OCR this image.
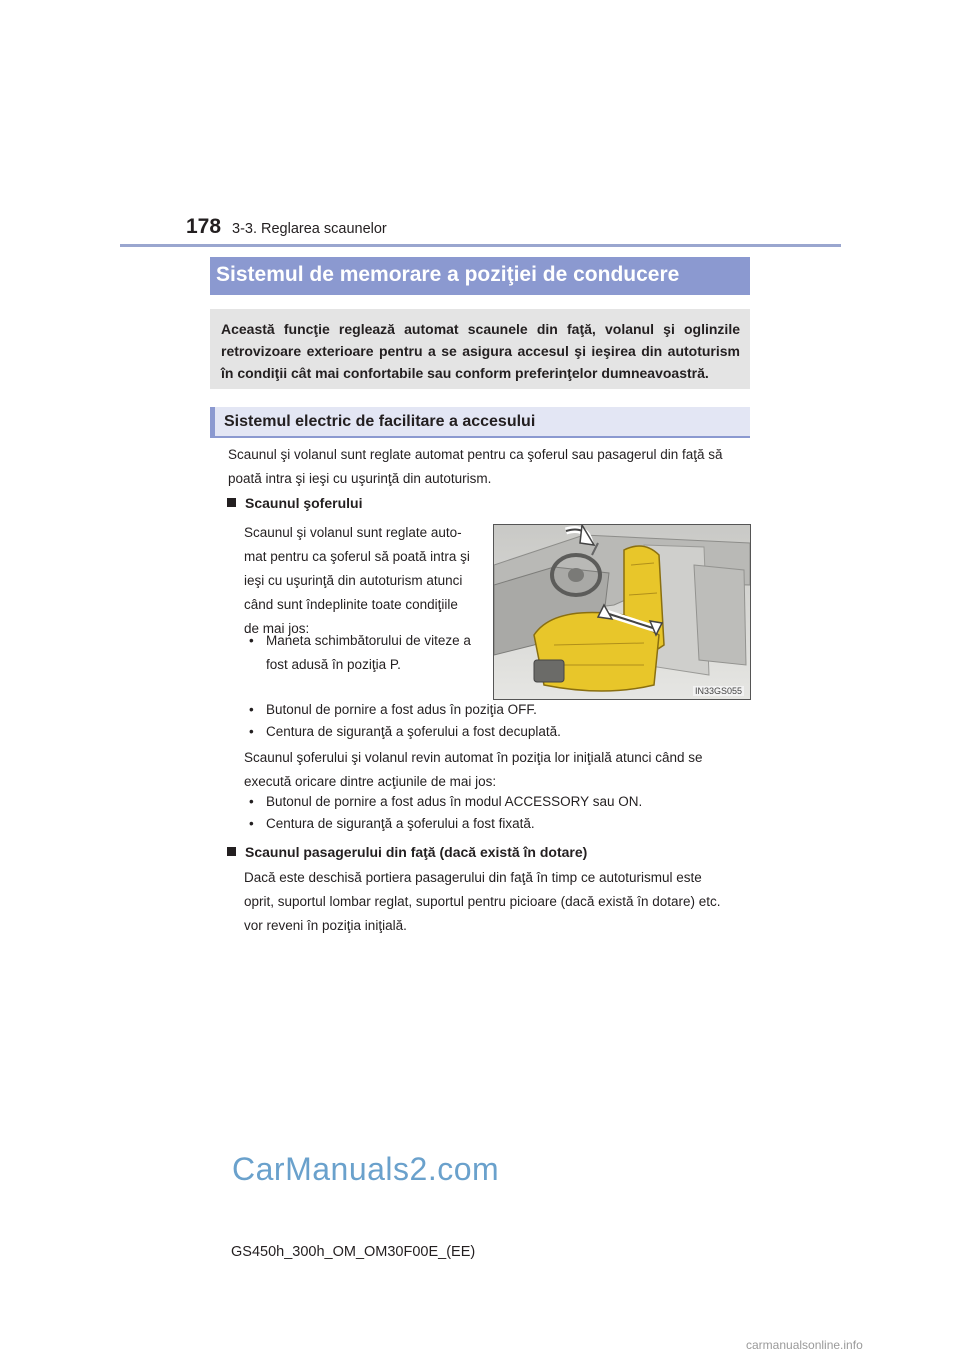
178 3-3. Reglarea scaunelor
Sistemul de memorare a poziţiei de conducere
Această funcţie reglează automat scaunele din faţă, volanul şi oglinzile retrovizoare exterioare pentru a se asigura accesul şi ieşirea din autoturism în condiţii cât mai confortabile sau conform preferinţelor dumneavoastră.
Sistemul electric de facilitare a accesului
Scaunul şi volanul sunt reglate automat pentru ca şoferul sau pasagerul din faţă să
poată intra şi ieşi cu uşurinţă din autoturism.
Scaunul şoferului
Scaunul şi volanul sunt reglate auto-
mat pentru ca şoferul să poată intra şi
ieşi cu uşurinţă din autoturism atunci
când sunt îndeplinite toate condiţiile
de mai jos:
• Maneta schimbătorului de viteze a
fost adusă în poziţia P.
IN33GS055
• Butonul de pornire a fost adus în poziţia OFF.
• Centura de siguranţă a şoferului a fost decuplată.
Scaunul şoferului şi volanul revin automat în poziţia lor iniţială atunci când se
execută oricare dintre acţiunile de mai jos:
• Butonul de pornire a fost adus în modul ACCESSORY sau ON.
• Centura de siguranţă a şoferului a fost fixată.
Scaunul pasagerului din faţă (dacă există în dotare)
Dacă este deschisă portiera pasagerului din faţă în timp ce autoturismul este
oprit, suportul lombar reglat, suportul pentru picioare (dacă există în dotare) etc.
vor reveni în poziţia iniţială.
CarManuals2.com
GS450h_300h_OM_OM30F00E_(EE)
carmanualsonline.info
